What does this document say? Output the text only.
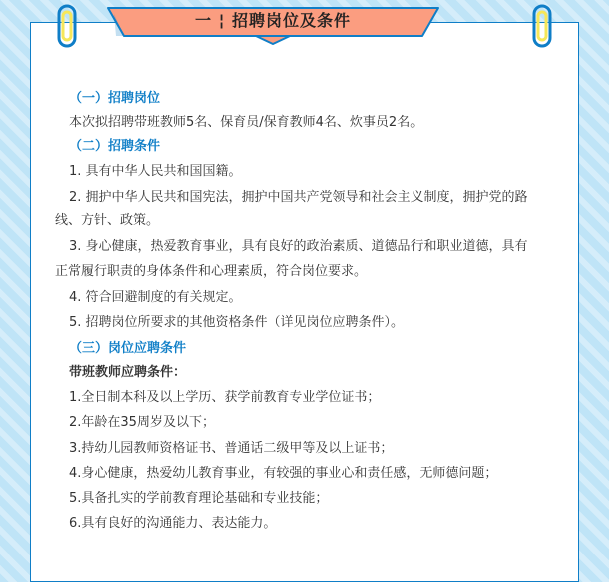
一 ¦ 招聘岗位及条件
（一）招聘岗位
本次拟招聘带班教师5名、保育员/保育教师4名、炊事员2名。
（二）招聘条件
1. 具有中华人民共和国国籍。
2. 拥护中华人民共和国宪法，拥护中国共产党领导和社会主义制度，拥护党的路
线、方针、政策。
3. 身心健康，热爱教育事业，具有良好的政治素质、道德品行和职业道德，具有
正常履行职责的身体条件和心理素质，符合岗位要求。
4. 符合回避制度的有关规定。
5. 招聘岗位所要求的其他资格条件（详见岗位应聘条件）。
（三）岗位应聘条件
带班教师应聘条件：
1.全日制本科及以上学历、获学前教育专业学位证书；
2.年龄在35周岁及以下；
3.持幼儿园教师资格证书、普通话二级甲等及以上证书；
4.身心健康，热爱幼儿教育事业，有较强的事业心和责任感，无师德问题；
5.具备扎实的学前教育理论基础和专业技能；
6.具有良好的沟通能力、表达能力。
